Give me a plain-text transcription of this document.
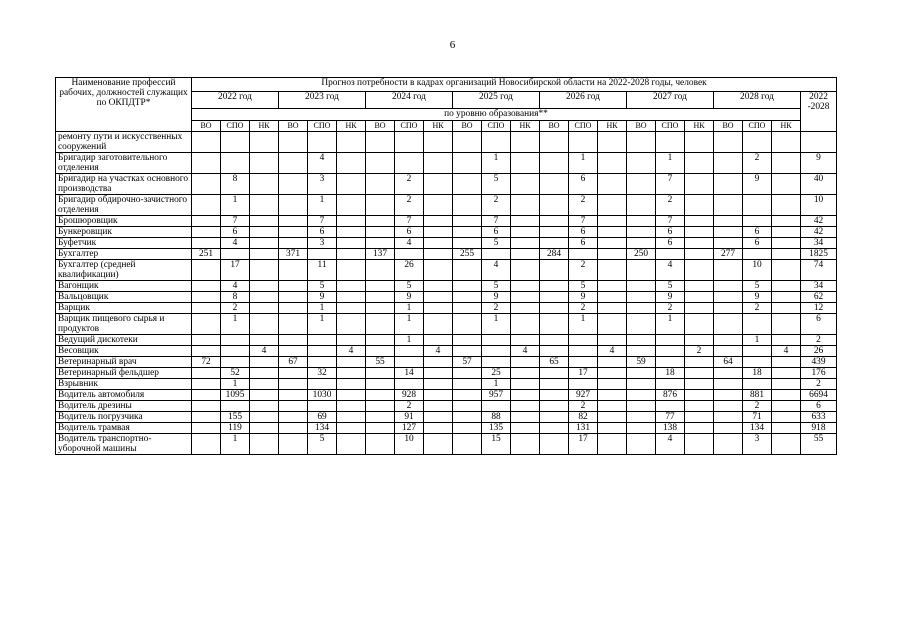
6
Наименование профессий рабочих, должностей служащих по ОКПДТР*	Прогноз потребности в кадрах организаций Новосибирской области на 2022-2028 годы, человек																					
	2022 год			2023 год			2024 год			2025 год			2026 год			2027 год			2028 год			2022 -2028
	по уровню образования**																					
	ВО	СПО	НК	ВО	СПО	НК	ВО	СПО	НК	ВО	СПО	НК	ВО	СПО	НК	ВО	СПО	НК	ВО	СПО	НК	
ремонту пути и искусственных сооружений																						
Бригадир заготовительного отделения					4						1			1			1			2		9
Бригадир на участках основного производства		8			3			2			5			6			7			9		40
Бригадир обдирочно-зачистного отделения		1			1			2			2			2			2					10
Брошюровщик		7			7			7			7			7			7					42
Бункеровщик		6			6			6			6			6			6			6		42
Буфетчик		4			3			4			5			6			6			6		34
Бухгалтер	251			371			137			255			284			250			277			1825
Бухгалтер (средней квалификации)		17			11			26			4			2			4			10		74
Вагонщик		4			5			5			5			5			5			5		34
Вальцовщик		8			9			9			9			9			9			9		62
Варщик		2			1			1			2			2			2			2		12
Варщик пищевого сырья и продуктов		1			1			1			1			1			1					6
Ведущий дискотеки								1												1		2
Весовщик			4			4			4			4			4			2			4	26
Ветеринарный врач	72			67			55			57			65			59			64			439
Ветеринарный фельдшер		52			32			14			25			17			18			18		176
Взрывник		1									1											2
Водитель автомобиля		1095			1030			928			957			927			876			881		6694
Водитель дрезины								2						2						2		6
Водитель погрузчика		155			69			91			88			82			77			71		633
Водитель трамвая		119			134			127			135			131			138			134		918
Водитель транспортно-уборочной машины		1			5			10			15			17			4			3		55
